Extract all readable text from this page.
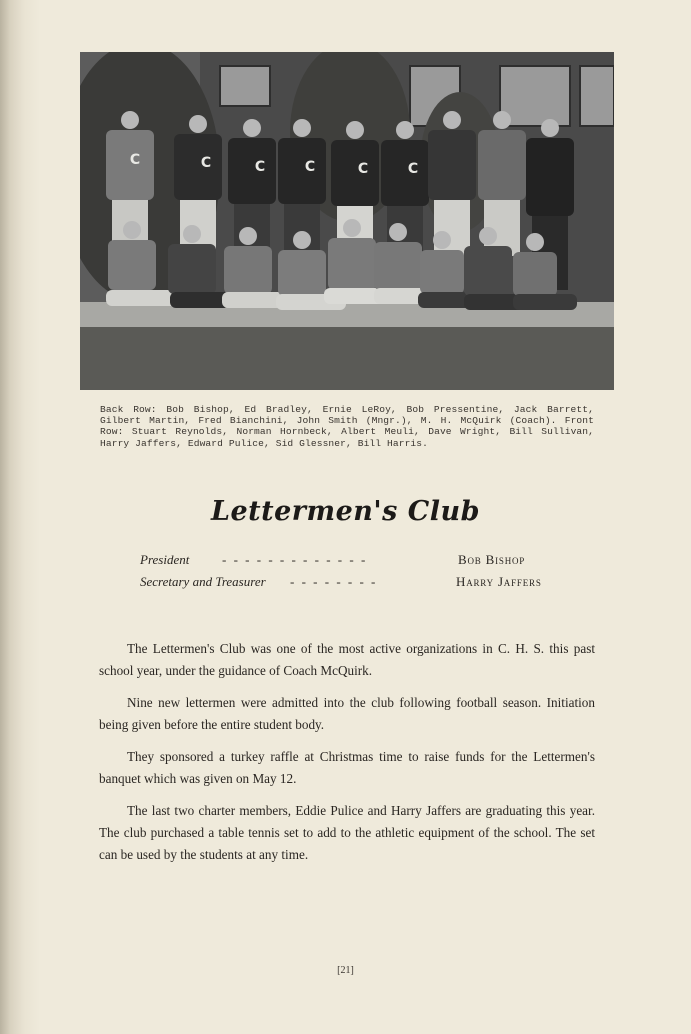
C	C	C	C	C	C
Back Row: Bob Bishop, Ed Bradley, Ernie LeRoy, Bob Pressentine, Jack Barrett, Gilbert Martin, Fred Bianchini, John Smith (Mngr.), M. H. McQuirk (Coach). Front Row: Stuart Reynolds, Norman Hornbeck, Albert Meuli, Dave Wright, Bill Sullivan, Harry Jaffers, Edward Pulice, Sid Glessner, Bill Harris.
Lettermen's Club
President	- - - - - - - - - - - - -	Bob Bishop
Secretary and Treasurer - - - - - - - -	Harry Jaffers
The Lettermen's Club was one of the most active organizations in C. H. S. this past school year, under the guidance of Coach McQuirk.
Nine new lettermen were admitted into the club following football season. Initiation being given before the entire student body.
They sponsored a turkey raffle at Christmas time to raise funds for the Lettermen's banquet which was given on May 12.
The last two charter members, Eddie Pulice and Harry Jaffers are graduating this year. The club purchased a table tennis set to add to the athletic equipment of the school. The set can be used by the students at any time.
[21]
